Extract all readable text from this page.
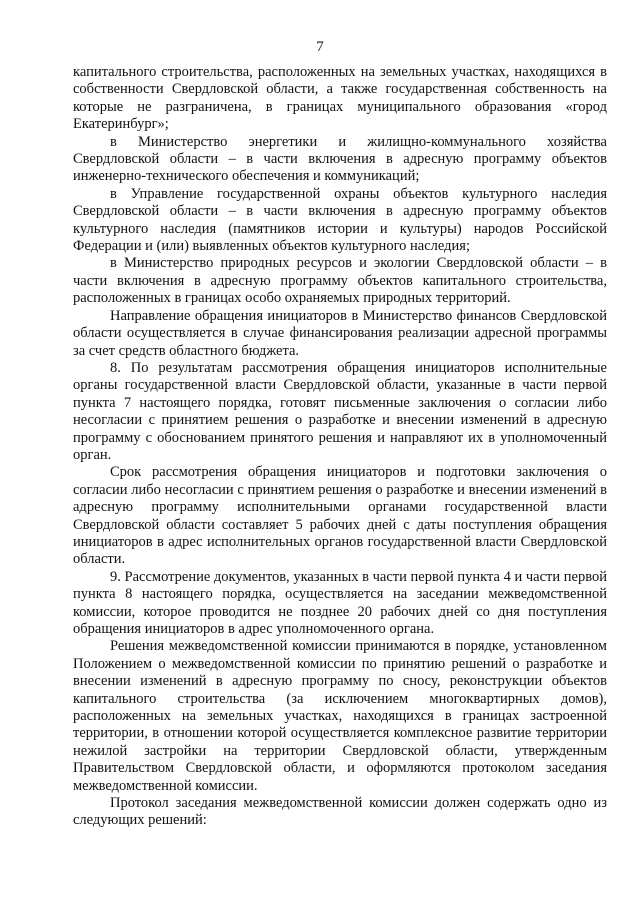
7

капитального строительства, расположенных на земельных участках, находящихся в собственности Свердловской области, а также государственная собственность на которые не разграничена, в границах муниципального образования «город Екатеринбург»;

в Министерство энергетики и жилищно-коммунального хозяйства Свердловской области – в части включения в адресную программу объектов инженерно-технического обеспечения и коммуникаций;

в Управление государственной охраны объектов культурного наследия Свердловской области – в части включения в адресную программу объектов культурного наследия (памятников истории и культуры) народов Российской Федерации и (или) выявленных объектов культурного наследия;

в Министерство природных ресурсов и экологии Свердловской области – в части включения в адресную программу объектов капитального строительства, расположенных в границах особо охраняемых природных территорий.

Направление обращения инициаторов в Министерство финансов Свердловской области осуществляется в случае финансирования реализации адресной программы за счет средств областного бюджета.

8. По результатам рассмотрения обращения инициаторов исполнительные органы государственной власти Свердловской области, указанные в части первой пункта 7 настоящего порядка, готовят письменные заключения о согласии либо несогласии с принятием решения о разработке и внесении изменений в адресную программу с обоснованием принятого решения и направляют их в уполномоченный орган.

Срок рассмотрения обращения инициаторов и подготовки заключения о согласии либо несогласии с принятием решения о разработке и внесении изменений в адресную программу исполнительными органами государственной власти Свердловской области составляет 5 рабочих дней с даты поступления обращения инициаторов в адрес исполнительных органов государственной власти Свердловской области.

9. Рассмотрение документов, указанных в части первой пункта 4 и части первой пункта 8 настоящего порядка, осуществляется на заседании межведомственной комиссии, которое проводится не позднее 20 рабочих дней со дня поступления обращения инициаторов в адрес уполномоченного органа.

Решения межведомственной комиссии принимаются в порядке, установленном Положением о межведомственной комиссии по принятию решений о разработке и внесении изменений в адресную программу по сносу, реконструкции объектов капитального строительства (за исключением многоквартирных домов), расположенных на земельных участках, находящихся в границах застроенной территории, в отношении которой осуществляется комплексное развитие территории нежилой застройки на территории Свердловской области, утвержденным Правительством Свердловской области, и оформляются протоколом заседания межведомственной комиссии.

Протокол заседания межведомственной комиссии должен содержать одно из следующих решений:
